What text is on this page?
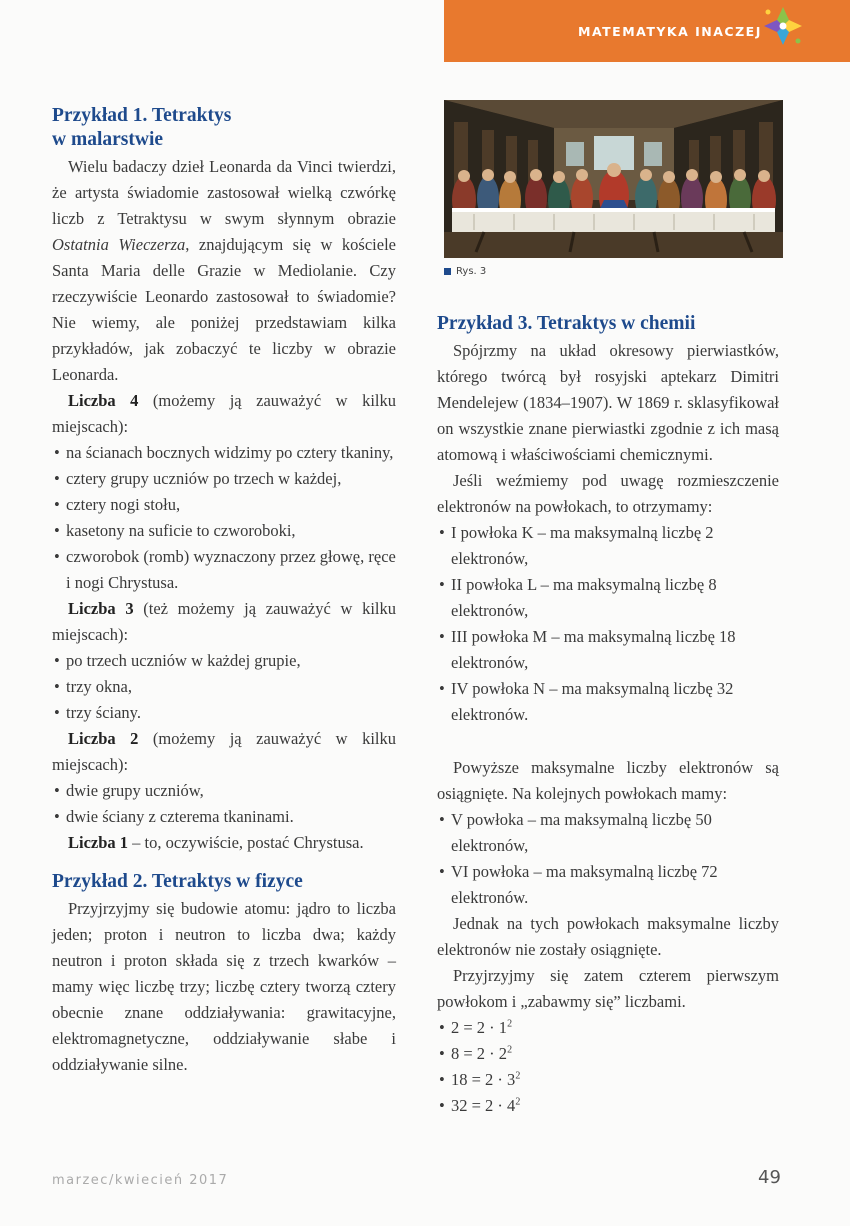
MATEMATYKA INACZEJ
Rys. 3
Przykład 1. Tetraktys
w malarstwie

Wielu badaczy dzieł Leonarda da Vinci twierdzi, że artysta świadomie zastosował wielką czwórkę liczb z Tetraktysu w swym słynnym obrazie Ostatnia Wieczerza, znajdującym się w kościele Santa Maria delle Grazie w Mediolanie. Czy rzeczywiście Leonardo zastosował to świadomie? Nie wiemy, ale poniżej przedstawiam kilka przykładów, jak zobaczyć te liczby w obrazie Leonarda.

Liczba 4 (możemy ją zauważyć w kilku miejscach):

• na ścianach bocznych widzimy po cztery tkaniny,
• cztery grupy uczniów po trzech w każdej,
• cztery nogi stołu,
• kasetony na suficie to czworoboki,
• czworobok (romb) wyznaczony przez głowę, ręce i nogi Chrystusa.

Liczba 3 (też możemy ją zauważyć w kilku miejscach):

• po trzech uczniów w każdej grupie,
• trzy okna,
• trzy ściany.

Liczba 2 (możemy ją zauważyć w kilku miejscach):

• dwie grupy uczniów,
• dwie ściany z czterema tkaninami.

Liczba 1 – to, oczywiście, postać Chrystusa.

Przykład 2. Tetraktys w fizyce

Przyjrzyjmy się budowie atomu: jądro to liczba jeden; proton i neutron to liczba dwa; każdy neutron i proton składa się z trzech kwarków – mamy więc liczbę trzy; liczbę cztery tworzą cztery obecnie znane oddziaływania: grawitacyjne, elektromagnetyczne, oddziaływanie słabe i oddziaływanie silne.

Przykład 3. Tetraktys w chemii

Spójrzmy na układ okresowy pierwiastków, którego twórcą był rosyjski aptekarz Dimitri Mendelejew (1834–1907). W 1869 r. sklasyfikował on wszystkie znane pierwiastki zgodnie z ich masą atomową i właściwościami chemicznymi.

Jeśli weźmiemy pod uwagę rozmieszczenie elektronów na powłokach, to otrzymamy:

• I powłoka K – ma maksymalną liczbę 2 elektronów,
• II powłoka L – ma maksymalną liczbę 8 elektronów,
• III powłoka M – ma maksymalną liczbę 18 elektronów,
• IV powłoka N – ma maksymalną liczbę 32 elektronów.

Powyższe maksymalne liczby elektronów są osiągnięte. Na kolejnych powłokach mamy:

• V powłoka – ma maksymalną liczbę 50 elektronów,
• VI powłoka – ma maksymalną liczbę 72 elektronów.

Jednak na tych powłokach maksymalne liczby elektronów nie zostały osiągnięte.

Przyjrzyjmy się zatem czterem pierwszym powłokom i „zabawmy się” liczbami.

• $2 = 2 \cdot 1^2$
• $8 = 2 \cdot 2^2$
• $18 = 2 \cdot 3^2$
• $32 = 2 \cdot 4^2$
marzec/kwiecień 2017	49
